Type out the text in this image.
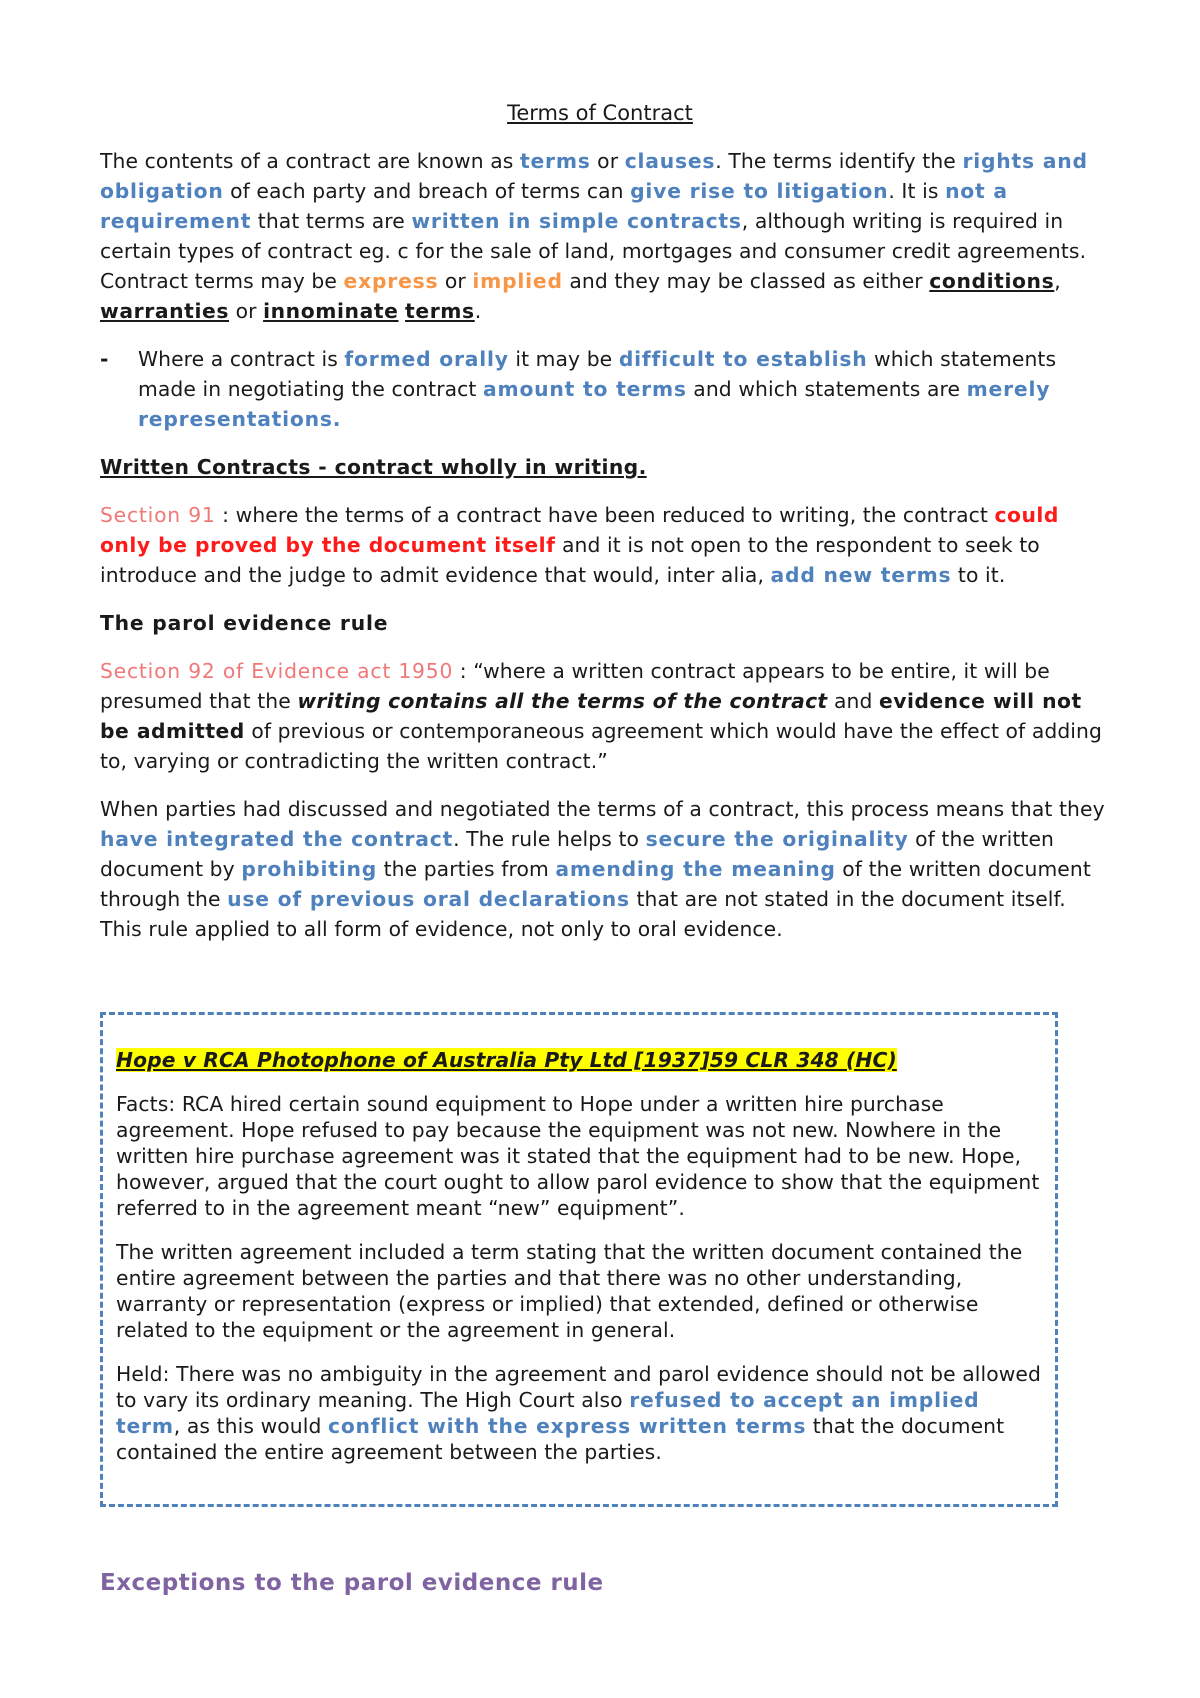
Terms of Contract

The contents of a contract are known as terms or clauses. The terms identify the rights and obligation of each party and breach of terms can give rise to litigation. It is not a requirement that terms are written in simple contracts, although writing is required in certain types of contract eg. c for the sale of land, mortgages and consumer credit agreements. Contract terms may be express or implied and they may be classed as either conditions, warranties or innominate terms.

- Where a contract is formed orally it may be difficult to establish which statements made in negotiating the contract amount to terms and which statements are merely representations.

Written Contracts - contract wholly in writing.

Section 91 : where the terms of a contract have been reduced to writing, the contract could only be proved by the document itself and it is not open to the respondent to seek to introduce and the judge to admit evidence that would, inter alia, add new terms to it.

The parol evidence rule

Section 92 of Evidence act 1950 : “where a written contract appears to be entire, it will be presumed that the writing contains all the terms of the contract and evidence will not be admitted of previous or contemporaneous agreement which would have the effect of adding to, varying or contradicting the written contract.”

When parties had discussed and negotiated the terms of a contract, this process means that they have integrated the contract. The rule helps to secure the originality of the written document by prohibiting the parties from amending the meaning of the written document through the use of previous oral declarations that are not stated in the document itself. This rule applied to all form of evidence, not only to oral evidence.

Hope v RCA Photophone of Australia Pty Ltd [1937]59 CLR 348 (HC)

Facts: RCA hired certain sound equipment to Hope under a written hire purchase agreement. Hope refused to pay because the equipment was not new. Nowhere in the written hire purchase agreement was it stated that the equipment had to be new. Hope, however, argued that the court ought to allow parol evidence to show that the equipment referred to in the agreement meant “new” equipment”.

The written agreement included a term stating that the written document contained the entire agreement between the parties and that there was no other understanding, warranty or representation (express or implied) that extended, defined or otherwise related to the equipment or the agreement in general.

Held: There was no ambiguity in the agreement and parol evidence should not be allowed to vary its ordinary meaning. The High Court also refused to accept an implied term, as this would conflict with the express written terms that the document contained the entire agreement between the parties.

Exceptions to the parol evidence rule
